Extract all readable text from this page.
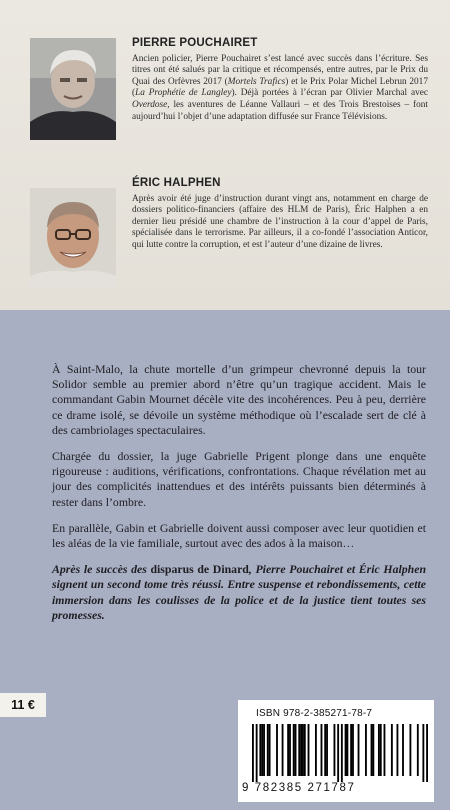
PIERRE POUCHAIRET
Ancien policier, Pierre Pouchairet s’est lancé avec succès dans l’écriture. Ses titres ont été salués par la critique et récompensés, entre autres, par le Prix du Quai des Orfèvres 2017 (Mortels Trafics) et le Prix Polar Michel Lebrun 2017 (La Prophétie de Langley). Déjà portées à l’écran par Olivier Marchal avec Overdose, les aventures de Léanne Vallauri – et des Trois Brestoises – font aujourd’hui l’objet d’une adaptation diffusée sur France Télévisions.
ÉRIC HALPHEN
Après avoir été juge d’instruction durant vingt ans, notamment en charge de dossiers politico-financiers (affaire des HLM de Paris), Éric Halphen a en dernier lieu présidé une chambre de l’instruction à la cour d’appel de Paris, spécialisée dans le terrorisme. Par ailleurs, il a co-fondé l’association Anticor, qui lutte contre la corruption, et est l’auteur d’une dizaine de livres.

À Saint-Malo, la chute mortelle d’un grimpeur chevronné depuis la tour Solidor semble au premier abord n’être qu’un tragique accident. Mais le commandant Gabin Mournet décèle vite des incohérences. Peu à peu, derrière ce drame isolé, se dévoile un système méthodique où l’escalade sert de clé à des cambriolages spectaculaires.

Chargée du dossier, la juge Gabrielle Prigent plonge dans une enquête rigoureuse : auditions, vérifications, confrontations. Chaque révélation met au jour des complicités inattendues et des intérêts puissants bien déterminés à rester dans l’ombre.

En parallèle, Gabin et Gabrielle doivent aussi composer avec leur quotidien et les aléas de la vie familiale, surtout avec des ados à la maison…

Après le succès des disparus de Dinard, Pierre Pouchairet et Éric Halphen signent un second tome très réussi. Entre suspense et rebondissements, cette immersion dans les coulisses de la police et de la justice tient toutes ses promesses.

11 €
ISBN 978-2-385271-78-7
9 782385 271787
